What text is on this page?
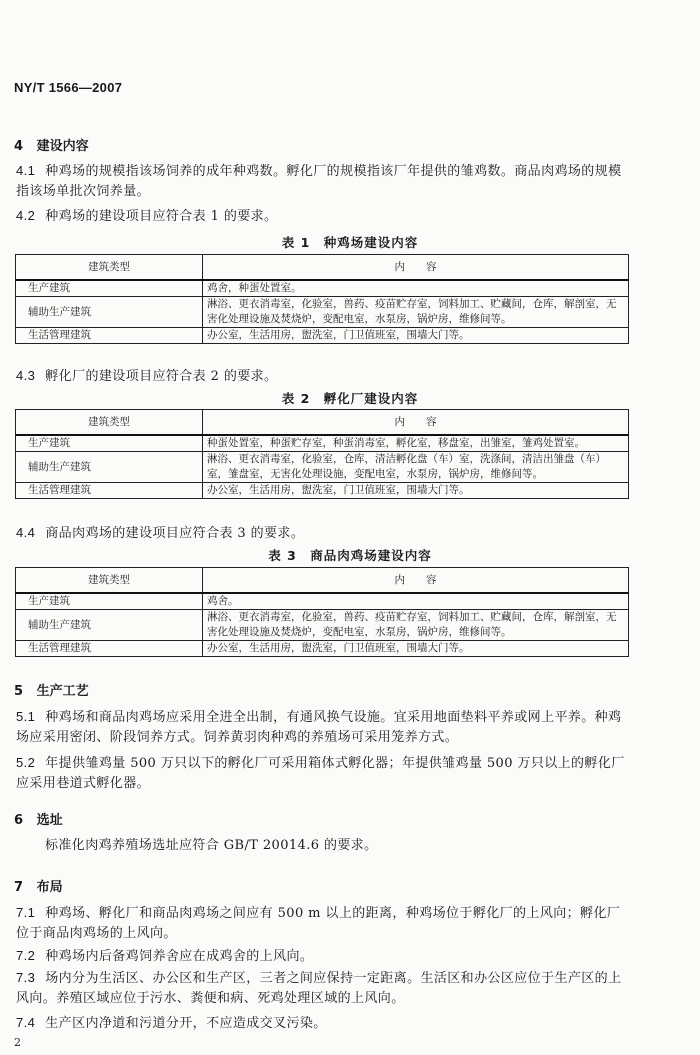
NY/T 1566—2007
4 建设内容
4.1 种鸡场的规模指该场饲养的成年种鸡数。孵化厂的规模指该厂年提供的雏鸡数。商品肉鸡场的规模指该场单批次饲养量。
4.2 种鸡场的建设项目应符合表 1 的要求。
表 1　种鸡场建设内容
建筑类型	内　　容
生产建筑	鸡舍，种蛋处置室。
辅助生产建筑	淋浴、更衣消毒室，化验室，兽药、疫苗贮存室，饲料加工、贮藏间，仓库，解剖室，无害化处理设施及焚烧炉，变配电室，水泵房，锅炉房，维修间等。
生活管理建筑	办公室，生活用房，盥洗室，门卫值班室，围墙大门等。
4.3 孵化厂的建设项目应符合表 2 的要求。
表 2　孵化厂建设内容
建筑类型	内　　容
生产建筑	种蛋处置室，种蛋贮存室，种蛋消毒室，孵化室，移盘室，出雏室，雏鸡处置室。
辅助生产建筑	淋浴、更衣消毒室，化验室，仓库，清洁孵化盘（车）室，洗涤间，清洁出雏盘（车）室，雏盘室，无害化处理设施，变配电室，水泵房，锅炉房，维修间等。
生活管理建筑	办公室，生活用房，盥洗室，门卫值班室，围墙大门等。
4.4 商品肉鸡场的建设项目应符合表 3 的要求。
表 3　商品肉鸡场建设内容
建筑类型	内　　容
生产建筑	鸡舍。
辅助生产建筑	淋浴、更衣消毒室，化验室，兽药、疫苗贮存室，饲料加工、贮藏间，仓库，解剖室，无害化处理设施及焚烧炉，变配电室，水泵房，锅炉房，维修间等。
生活管理建筑	办公室，生活用房，盥洗室，门卫值班室，围墙大门等。
5 生产工艺
5.1 种鸡场和商品肉鸡场应采用全进全出制，有通风换气设施。宜采用地面垫料平养或网上平养。种鸡场应采用密闭、阶段饲养方式。饲养黄羽肉种鸡的养殖场可采用笼养方式。
5.2 年提供雏鸡量 500 万只以下的孵化厂可采用箱体式孵化器；年提供雏鸡量 500 万只以上的孵化厂应采用巷道式孵化器。
6 选址
标准化肉鸡养殖场选址应符合 GB/T 20014.6 的要求。
7 布局
7.1 种鸡场、孵化厂和商品肉鸡场之间应有 500 m 以上的距离，种鸡场位于孵化厂的上风向；孵化厂位于商品肉鸡场的上风向。
7.2 种鸡场内后备鸡饲养舍应在成鸡舍的上风向。
7.3 场内分为生活区、办公区和生产区，三者之间应保持一定距离。生活区和办公区应位于生产区的上风向。养殖区域应位于污水、粪便和病、死鸡处理区域的上风向。
7.4 生产区内净道和污道分开，不应造成交叉污染。
2
